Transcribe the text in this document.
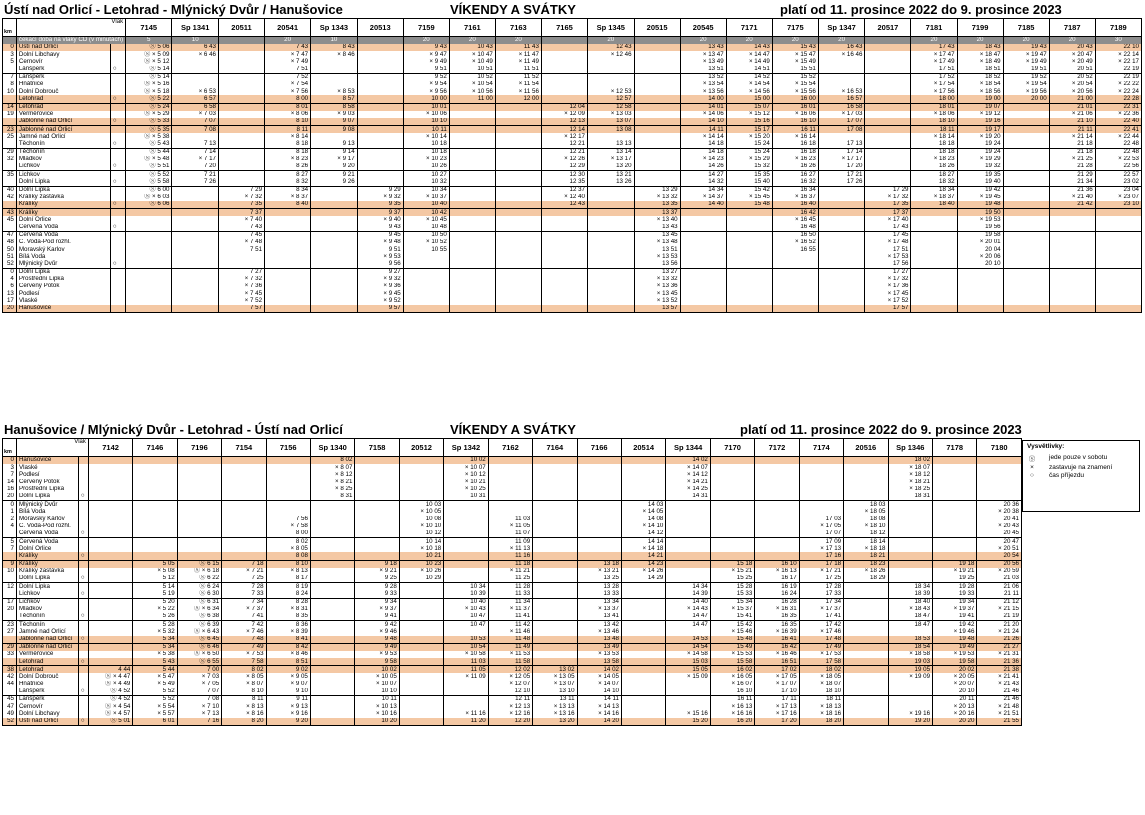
Ústí nad Orlicí - Letohrad - Mlýnický Dvůr / Hanušovice	VÍKENDY A SVÁTKY	platí od 11. prosince 2022 do 9. prosince 2023
km	Vlak		7145	Sp 1341	20511	20541	Sp 1343	20513	7159	7161	7163	7165	Sp 1345	20515	20545	7171	7175	Sp 1347	20517	7181	7199	7185	7187	7189
	čekací doba na vlaky ČD (v minutách)		5	10		20	10		20	20	20		20		20	20	20	20		20	20	20	20	30
0	Ústí nad Orlicí		Ⓢ 5 06	6 43		7 43	8 43		9 43	10 43	11 43		12 43		13 43	14 43	15 43	16 43		17 43	18 43	19 43	20 43	22 10
3	Dolní Libchavy		Ⓢ × 5 09	× 6 46		× 7 47	× 8 46		× 9 47	× 10 47	× 11 47		× 12 46		× 13 47	× 14 47	× 15 47	× 16 46		× 17 47	× 18 47	× 19 47	× 20 47	× 22 14
5	Černovír		Ⓢ × 5 12			× 7 49			× 9 49	× 10 49	× 11 49				× 13 49	× 14 49	× 15 49			× 17 49	× 18 49	× 19 49	× 20 49	× 22 17
	Lanšperk	○	Ⓢ 5 14			7 51			9 51	10 51	11 51				13 51	14 51	15 51			17 51	18 51	19 51	20 51	22 19
7	Lanšperk		Ⓢ 5 14			7 52			9 52	10 52	11 52				13 52	14 52	15 52			17 52	18 52	19 52	20 52	22 19
8	Hnátnice		Ⓢ × 5 16			× 7 54			× 9 54	× 10 54	× 11 54				× 13 54	× 14 54	× 15 54			× 17 54	× 18 54	× 19 54	× 20 54	× 22 22
10	Dolní Dobrouč		Ⓢ × 5 18	× 6 53		× 7 56	× 8 53		× 9 56	× 10 56	× 11 56		× 12 53		× 13 56	× 14 56	× 15 56	× 16 53		× 17 56	× 18 56	× 19 56	× 20 56	× 22 24
	Letohrad	○	Ⓢ 5 22	6 57		8 00	8 57		10 00	11 00	12 00		12 57		14 00	15 00	16 00	16 57		18 00	19 00	20 00	21 00	22 28
14	Letohrad		Ⓢ 5 24	6 58		8 01	8 58		10 01			12 04	12 58		14 01	15 07	16 01	16 58		18 01	19 07		21 01	22 31
19	Verměřovice		Ⓢ × 5 29	× 7 03		× 8 06	× 9 03		× 10 06			× 12 09	× 13 03		× 14 06	× 15 12	× 16 06	× 17 03		× 18 06	× 19 12		× 21 06	× 22 36
	Jablonné nad Orlicí	○	Ⓢ 5 33	7 07		8 10	9 07		10 10			12 13	13 07		14 10	15 16	16 10	17 07		18 10	19 16		21 10	22 40
23	Jablonné nad Orlicí		Ⓢ 5 35	7 08		8 11	9 08		10 11			12 14	13 08		14 11	15 17	16 11	17 08		18 11	19 17		21 11	22 41
25	Jamné nad Orlicí		Ⓢ × 5 38			× 8 14			× 10 14			× 12 17			× 14 14	× 15 20	× 16 14			× 18 14	× 19 20		× 21 14	× 22 44
	Těchonín	○	Ⓢ 5 43	7 13		8 18	9 13		10 18			12 21	13 13		14 18	15 24	16 18	17 13		18 18	19 24		21 18	22 48
29	Těchonín		Ⓢ 5 44	7 14		8 18	9 14		10 18			12 21	13 14		14 18	15 24	16 18	17 14		18 18	19 24		21 18	22 48
32	Mladkov		Ⓢ × 5 48	× 7 17		× 8 23	× 9 17		× 10 23			× 12 26	× 13 17		× 14 23	× 15 29	× 16 23	× 17 17		× 18 23	× 19 29		× 21 25	× 22 53
	Lichkov	○	Ⓢ 5 51	7 20		8 26	9 20		10 26			12 29	13 20		14 26	15 32	16 26	17 20		18 26	19 32		21 28	22 56
35	Lichkov		Ⓢ 5 52	7 21		8 27	9 21		10 27			12 30	13 21		14 27	15 35	16 27	17 21		18 27	19 35		21 29	22 57
	Dolní Lipka	○	Ⓢ 5 58	7 26		8 32	9 26		10 32			12 35	13 26		14 32	15 40	16 32	17 26		18 32	19 40		21 34	23 02
40	Dolní Lipka		Ⓢ 6 00		7 29	8 34		9 29	10 34			12 37		13 29	14 34	15 42	16 34		17 29	18 34	19 42		21 36	23 04
42	Králíky zastávka		Ⓢ × 6 03		× 7 32	× 8 37		× 9 32	× 10 37			× 12 40		× 13 32	× 14 37	× 15 45	× 16 37		× 17 32	× 18 37	× 19 45		× 21 40	× 23 07
	Králíky	○	Ⓢ 6 06		7 35	8 40		9 35	10 40			12 43		13 35	14 40	15 48	16 40		17 35	18 40	19 48		21 42	23 10
43	Králíky				7 37			9 37	10 42					13 37			16 42		17 37		19 50			
45	Dolní Orlice				× 7 40			× 9 40	× 10 45					× 13 40			× 16 45		× 17 40		× 19 53			
	Červená Voda	○			7 43			9 43	10 48					13 43			16 48		17 43		19 56			
47	Červená Voda				7 45			9 45	10 50					13 45			16 50		17 45		19 58			
48	Č. Voda-Pod rozhl.				× 7 48			× 9 48	× 10 52					× 13 48			× 16 52		× 17 48		× 20 01			
50	Moravský Karlov				7 51			9 51	10 55					13 51			16 55		17 51		20 04			
51	Bílá Voda							× 9 53						× 13 53					× 17 53		× 20 06			
52	Mlýnický Dvůr	○						9 56						13 56					17 56		20 10			
0	Dolní Lipka				7 27			9 27						13 27					17 27					
4	Prostřední Lipka				× 7 32			× 9 32						× 13 32					× 17 32					
6	Červený Potok				× 7 36			× 9 36						× 13 36					× 17 36					
13	Podlesí				× 7 45			× 9 45						× 13 45					× 17 45					
17	Vlaské				× 7 52			× 9 52						× 13 52					× 17 52					
20	Hanušovice				7 57			9 57						13 57					17 57					
Hanušovice / Mlýnický Dvůr - Letohrad - Ústí nad Orlicí	VÍKENDY A SVÁTKY	platí od 11. prosince 2022 do 9. prosince 2023
km	Vlak		7142	7146	7196	7154	7156	Sp 1340	7158	20512	Sp 1342	7162	7164	7166	20514	Sp 1344	7170	7172	7174	20516	Sp 1346	7178	7180
0	Hanušovice							8 02			10 02					14 02					18 02		
3	Vlaské							× 8 07			× 10 07					× 14 07					× 18 07		
7	Podlesí							× 8 12			× 10 12					× 14 12					× 18 12		
14	Červený Potok							× 8 21			× 10 21					× 14 21					× 18 21		
16	Prostřední Lipka							× 8 25			× 10 25					× 14 25					× 18 25		
20	Dolní Lipka	○						8 31			10 31					14 31					18 31		
0	Mlýnický Dvůr									10 03					14 03					18 03			20 36
1	Bílá Voda									× 10 05					× 14 05					× 18 05			× 20 38
2	Moravský Karlov						7 56			10 08		11 03			14 08				17 03	18 08			20 41
4	Č. Voda-Pod rozhl.						× 7 58			× 10 10		× 11 05			× 14 10				× 17 05	× 18 10			× 20 43
	Červená Voda	○					8 00			10 12		11 07			14 12				17 07	18 12			20 45
5	Červená Voda						8 02			10 14		11 09			14 14				17 09	18 14			20 47
7	Dolní Orlice						× 8 05			× 10 18		× 11 13			× 14 18				× 17 13	× 18 18			× 20 51
	Králíky	○					8 08			10 21		11 16			14 21				17 16	18 21			20 54
9	Králíky			5 05	Ⓢ 6 15	7 18	8 10		9 18	10 23		11 18		13 18	14 23		15 18	16 10	17 18	18 23		19 18	20 56
10	Králíky zastávka			× 5 08	Ⓢ × 6 18	× 7 21	× 8 13		× 9 21	× 10 26		× 11 21		× 13 21	× 14 26		× 15 21	× 16 13	× 17 21	× 18 26		× 19 21	× 20 59
	Dolní Lipka	○		5 12	Ⓢ 6 22	7 25	8 17		9 25	10 29		11 25		13 25	14 29		15 25	16 17	17 25	18 29		19 25	21 03
12	Dolní Lipka			5 14	Ⓢ 6 24	7 28	8 19		9 28		10 34	11 28		13 28		14 34	15 28	16 19	17 28		18 34	19 28	21 06
	Lichkov	○		5 19	Ⓢ 6 30	7 33	8 24		9 33		10 39	11 33		13 33		14 39	15 33	16 24	17 33		18 39	19 33	21 11
17	Lichkov			5 20	Ⓢ 6 31	7 34	8 28		9 34		10 40	11 34		13 34		14 40	15 34	16 28	17 34		18 40	19 34	21 12
20	Mladkov			× 5 22	Ⓢ × 6 34	× 7 37	× 8 31		× 9 37		× 10 43	× 11 37		× 13 37		× 14 43	× 15 37	× 16 31	× 17 37		× 18 43	× 19 37	× 21 15
	Těchonín	○		5 26	Ⓢ 6 38	7 41	8 35		9 41		10 47	11 41		13 41		14 47	15 41	16 35	17 41		18 47	19 41	21 19
23	Těchonín			5 28	Ⓢ 6 39	7 42	8 36		9 42		10 47	11 42		13 42		14 47	15 42	16 35	17 42		18 47	19 42	21 20
27	Jamné nad Orlicí			× 5 32	Ⓢ × 6 43	× 7 46	× 8 39		× 9 46			× 11 46		× 13 46			× 15 46	× 16 39	× 17 46			× 19 46	× 21 24
	Jablonné nad Orlicí	○		5 34	Ⓢ 6 45	7 48	8 41		9 48		10 53	11 48		13 48		14 53	15 48	16 41	17 48		18 53	19 48	21 26
29	Jablonné nad Orlicí			5 34	Ⓢ 6 46	7 49	8 42		9 49		10 54	11 49		13 49		14 54	15 49	16 42	17 49		18 54	19 49	21 27
33	Verměřovice			× 5 38	Ⓢ × 6 50	× 7 53	× 8 46		× 9 53		× 10 58	× 11 53		× 13 53		× 14 58	× 15 53	× 16 46	× 17 53		× 18 58	× 19 53	× 21 31
	Letohrad	○		5 43	Ⓢ 6 55	7 58	8 51		9 58		11 03	11 58		13 58		15 03	15 58	16 51	17 58		19 03	19 58	21 36
38	Letohrad		4 44	5 44	7 00	8 02	9 02		10 02		11 05	12 02	13 02	14 02		15 05	16 02	17 02	18 02		19 05	20 02	21 38
42	Dolní Dobrouč		Ⓢ × 4 47	× 5 47	× 7 03	× 8 05	× 9 05		× 10 05		× 11 09	× 12 05	× 13 05	× 14 05		× 15 09	× 16 05	× 17 05	× 18 05		× 19 09	× 20 05	× 21 41
44	Hnátnice		Ⓢ × 4 49	× 5 49	× 7 05	× 8 07	× 9 07		× 10 07			× 12 07	× 13 07	× 14 07			× 16 07	× 17 07	× 18 07			× 20 07	× 21 43
	Lanšperk	○	Ⓢ 4 52	5 52	7 07	8 10	9 10		10 10			12 10	13 10	14 10			16 10	17 10	18 10			20 10	21 46
45	Lanšperk		Ⓢ 4 52	5 52	7 08	8 11	9 11		10 11			12 11	13 11	14 11			16 11	17 11	18 11			20 11	21 46
47	Černovír		Ⓢ × 4 54	× 5 54	× 7 10	× 8 13	× 9 13		× 10 13			× 12 13	× 13 13	× 14 13			× 16 13	× 17 13	× 18 13			× 20 13	× 21 48
49	Dolní Libchavy		Ⓢ × 4 57	× 5 57	× 7 13	× 8 16	× 9 16		× 10 16		× 11 16	× 12 16	× 13 16	× 14 16		× 15 16	× 16 16	× 17 16	× 18 16		× 19 16	× 20 16	× 21 51
52	Ústí nad Orlicí	○	Ⓢ 5 01	6 01	7 16	8 20	9 20		10 20		11 20	12 20	13 20	14 20		15 20	16 20	17 20	18 20		19 20	20 20	21 55
Vysvětlivky:
Ⓢ jede pouze v sobotu
×	zastavuje na znamení
○	čas příjezdu
